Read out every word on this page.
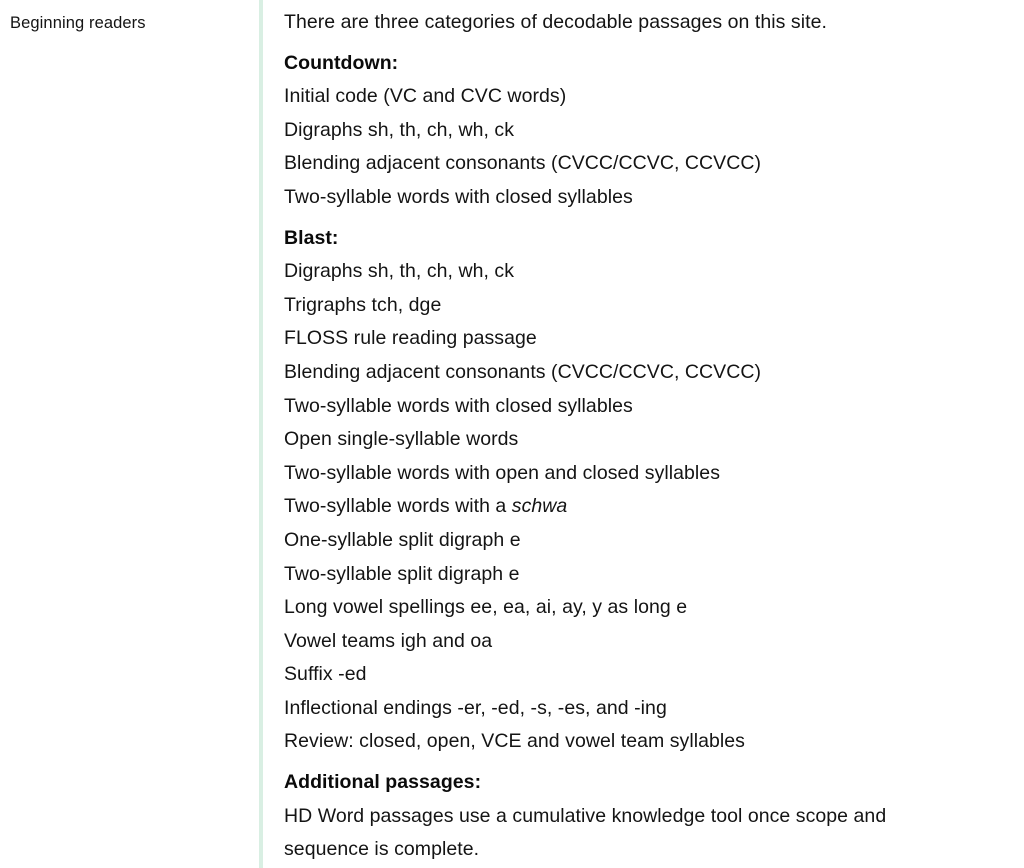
Beginning readers	There are three categories of decodable passages on this site.

Countdown:
Initial code (VC and CVC words)
Digraphs sh, th, ch, wh, ck
Blending adjacent consonants (CVCC/CCVC, CCVCC)
Two-syllable words with closed syllables
Blast:
Digraphs sh, th, ch, wh, ck
Trigraphs tch, dge
FLOSS rule reading passage
Blending adjacent consonants (CVCC/CCVC, CCVCC)
Two-syllable words with closed syllables
Open single-syllable words
Two-syllable words with open and closed syllables
Two-syllable words with a schwa
One-syllable split digraph e
Two-syllable split digraph e
Long vowel spellings ee, ea, ai, ay, y as long e
Vowel teams igh and oa
Suffix -ed
Inflectional endings -er, -ed, -s, -es, and -ing
Review: closed, open, VCE and vowel team syllables
Additional passages:
HD Word passages use a cumulative knowledge tool once scope and sequence is complete.
